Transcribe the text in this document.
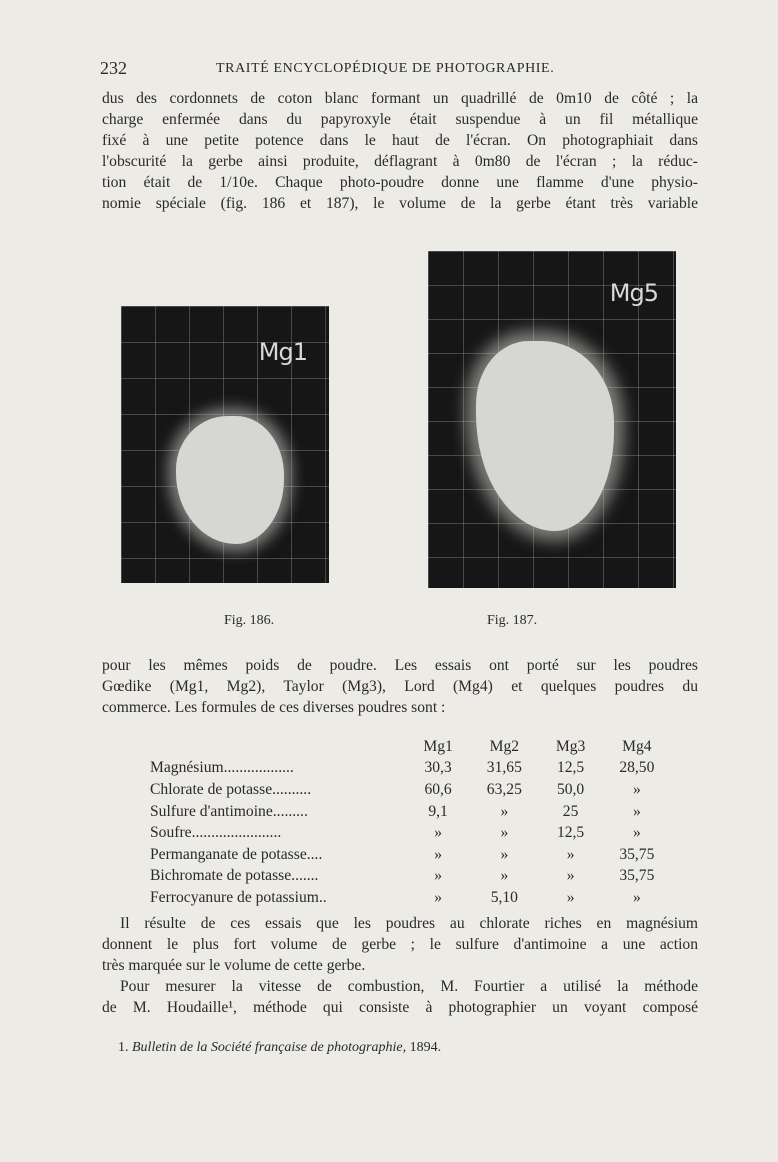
232	TRAITÉ ENCYCLOPÉDIQUE DE PHOTOGRAPHIE.
dus des cordonnets de coton blanc formant un quadrillé de 0m10 de côté ; la
charge enfermée dans du papyroxyle était suspendue à un fil métallique
fixé à une petite potence dans le haut de l'écran. On photographiait dans
l'obscurité la gerbe ainsi produite, déflagrant à 0m80 de l'écran ; la réduc-
tion était de 1/10e. Chaque photo-poudre donne une flamme d'une physio-
nomie spéciale (fig. 186 et 187), le volume de la gerbe étant très variable
Mg1
Mg5
Fig. 186.	Fig. 187.
pour les mêmes poids de poudre. Les essais ont porté sur les poudres
Gœdike (Mg1, Mg2), Taylor (Mg3), Lord (Mg4) et quelques poudres du
commerce. Les formules de ces diverses poudres sont :
	Mg1	Mg2	Mg3	Mg4
Magnésium..................	30,3	31,65	12,5	28,50
Chlorate de potasse..........	60,6	63,25	50,0	»
Sulfure d'antimoine.........	9,1	»	25	»
Soufre.......................	»	»	12,5	»
Permanganate de potasse....	»	»	»	35,75
Bichromate de potasse.......	»	»	»	35,75
Ferrocyanure de potassium..	»	5,10	»	»
Il résulte de ces essais que les poudres au chlorate riches en magnésium
donnent le plus fort volume de gerbe ; le sulfure d'antimoine a une action
très marquée sur le volume de cette gerbe.
Pour mesurer la vitesse de combustion, M. Fourtier a utilisé la méthode
de M. Houdaille¹, méthode qui consiste à photographier un voyant composé
1. Bulletin de la Société française de photographie, 1894.
